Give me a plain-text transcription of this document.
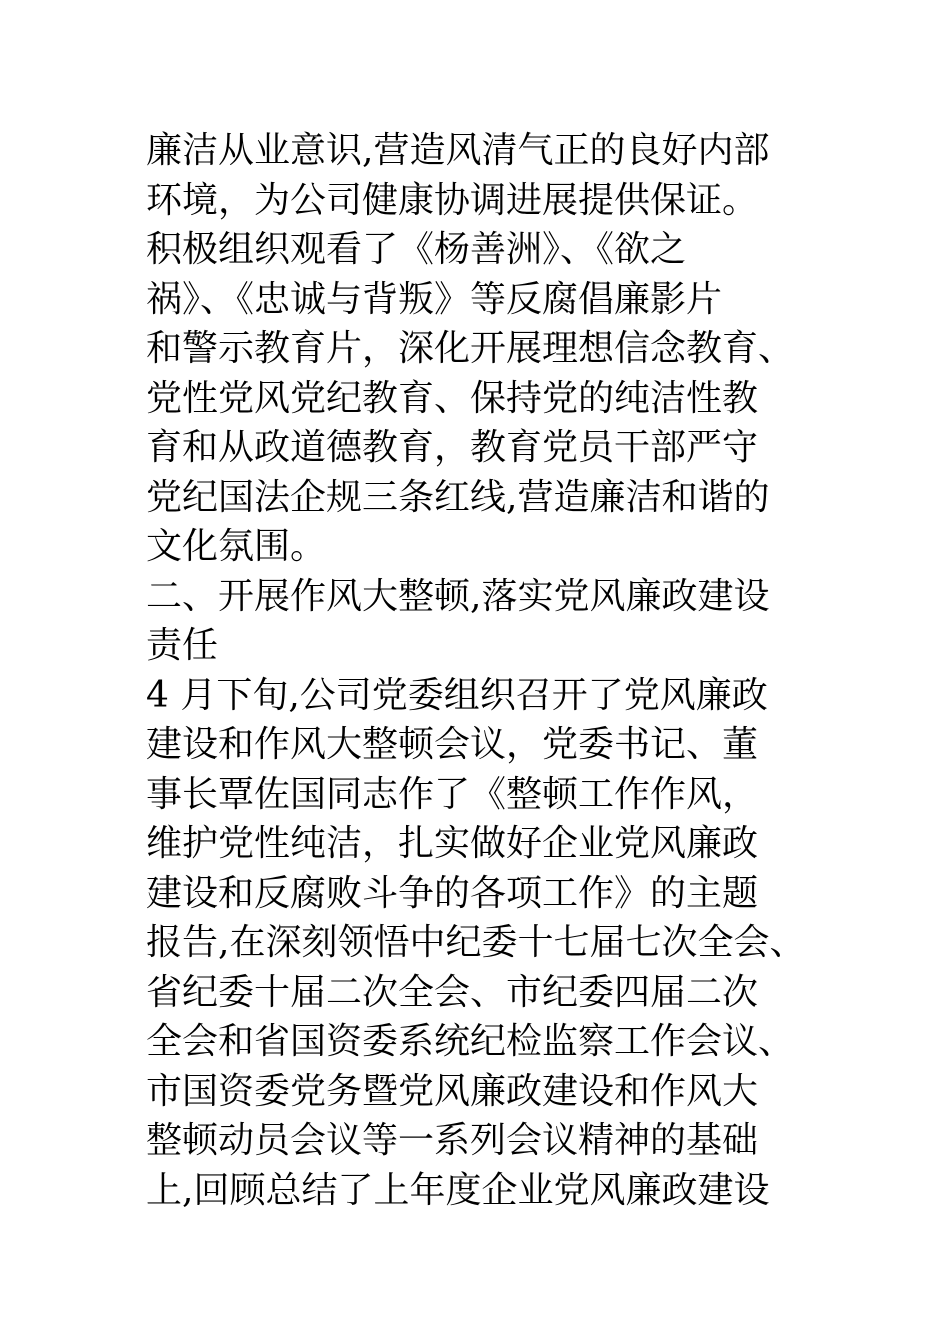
廉洁从业意识,营造风清气正的良好内部
环境，为公司健康协调进展提供保证。
积极组织观看了《杨善洲》、《欲之
祸》、《忠诚与背叛》等反腐倡廉影片
和警示教育片，深化开展理想信念教育、
党性党风党纪教育、保持党的纯洁性教
育和从政道德教育，教育党员干部严守
党纪国法企规三条红线,营造廉洁和谐的
文化氛围。
二、开展作风大整顿,落实党风廉政建设
责任
4 月下旬,公司党委组织召开了党风廉政
建设和作风大整顿会议，党委书记、董
事长覃佐国同志作了《整顿工作作风，
维护党性纯洁，扎实做好企业党风廉政
建设和反腐败斗争的各项工作》的主题
报告,在深刻领悟中纪委十七届七次全会、
省纪委十届二次全会、市纪委四届二次
全会和省国资委系统纪检监察工作会议、
市国资委党务暨党风廉政建设和作风大
整顿动员会议等一系列会议精神的基础
上,回顾总结了上年度企业党风廉政建设
